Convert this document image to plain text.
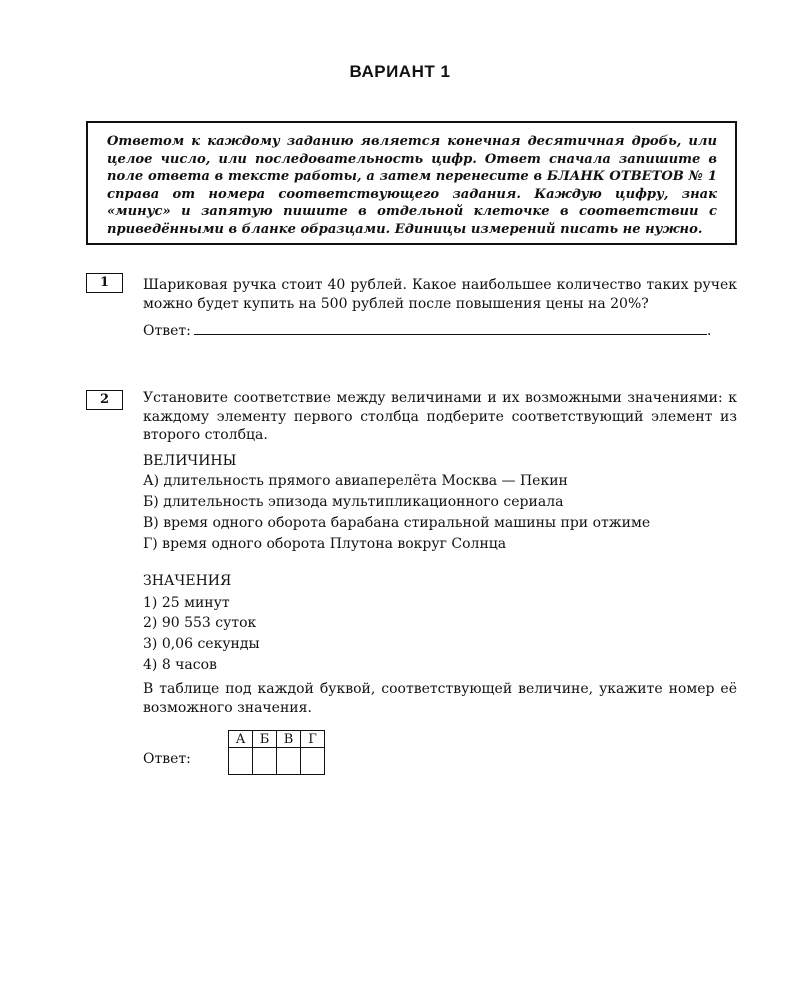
ВАРИАНТ 1

Ответом к каждому заданию является конечная десятичная дробь, или целое число, или последовательность цифр. Ответ сначала запишите в поле ответа в тексте работы, а затем перенесите в БЛАНК ОТВЕТОВ № 1 справа от номера соответствующего задания. Каждую цифру, знак «минус» и запятую пишите в отдельной клеточке в соответствии с приведёнными в бланке образцами. Единицы измерений писать не нужно.

1	Шариковая ручка стоит 40 рублей. Какое наибольшее количество таких ручек можно будет купить на 500 рублей после повышения цены на 20%?

Ответ:	.
2	Установите соответствие между величинами и их возможными значениями: к каждому элементу первого столбца подберите соответствующий элемент из второго столбца.

ВЕЛИЧИНЫ
А) длительность прямого авиаперелёта Москва — Пекин
Б) длительность эпизода мультипликационного сериала
В) время одного оборота барабана стиральной машины при отжиме
Г) время одного оборота Плутона вокруг Солнца
ЗНАЧЕНИЯ
1) 25 минут
2) 90 553 суток
3) 0,06 секунды
4) 8 часов

В таблице под каждой буквой, соответствующей величине, укажите номер её возможного значения.

Ответ:
А	Б	В	Г
